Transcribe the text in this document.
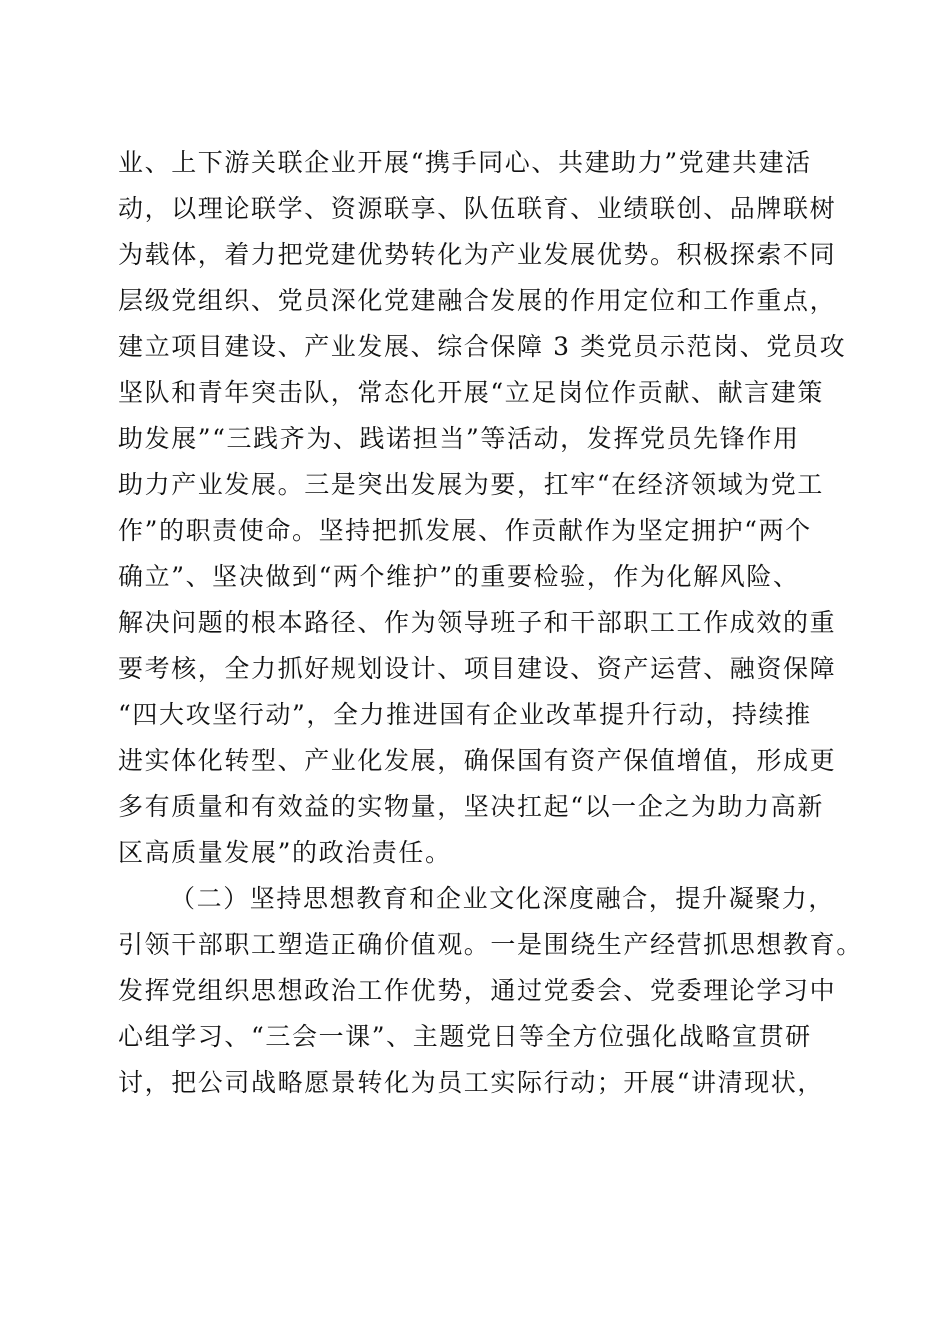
业、上下游关联企业开展“携手同心、共建助力”党建共建活
动，以理论联学、资源联享、队伍联育、业绩联创、品牌联树
为载体，着力把党建优势转化为产业发展优势。积极探索不同
层级党组织、党员深化党建融合发展的作用定位和工作重点，
建立项目建设、产业发展、综合保障 3 类党员示范岗、党员攻
坚队和青年突击队，常态化开展“立足岗位作贡献、献言建策
助发展”“三践齐为、践诺担当”等活动，发挥党员先锋作用
助力产业发展。三是突出发展为要，扛牢“在经济领域为党工
作”的职责使命。坚持把抓发展、作贡献作为坚定拥护“两个
确立”、坚决做到“两个维护”的重要检验，作为化解风险、
解决问题的根本路径、作为领导班子和干部职工工作成效的重
要考核，全力抓好规划设计、项目建设、资产运营、融资保障
“四大攻坚行动”，全力推进国有企业改革提升行动，持续推
进实体化转型、产业化发展，确保国有资产保值增值，形成更
多有质量和有效益的实物量，坚决扛起“以一企之为助力高新
区高质量发展”的政治责任。
（二）坚持思想教育和企业文化深度融合，提升凝聚力，
引领干部职工塑造正确价值观。一是围绕生产经营抓思想教育。
发挥党组织思想政治工作优势，通过党委会、党委理论学习中
心组学习、“三会一课”、主题党日等全方位强化战略宣贯研
讨，把公司战略愿景转化为员工实际行动；开展“讲清现状，
